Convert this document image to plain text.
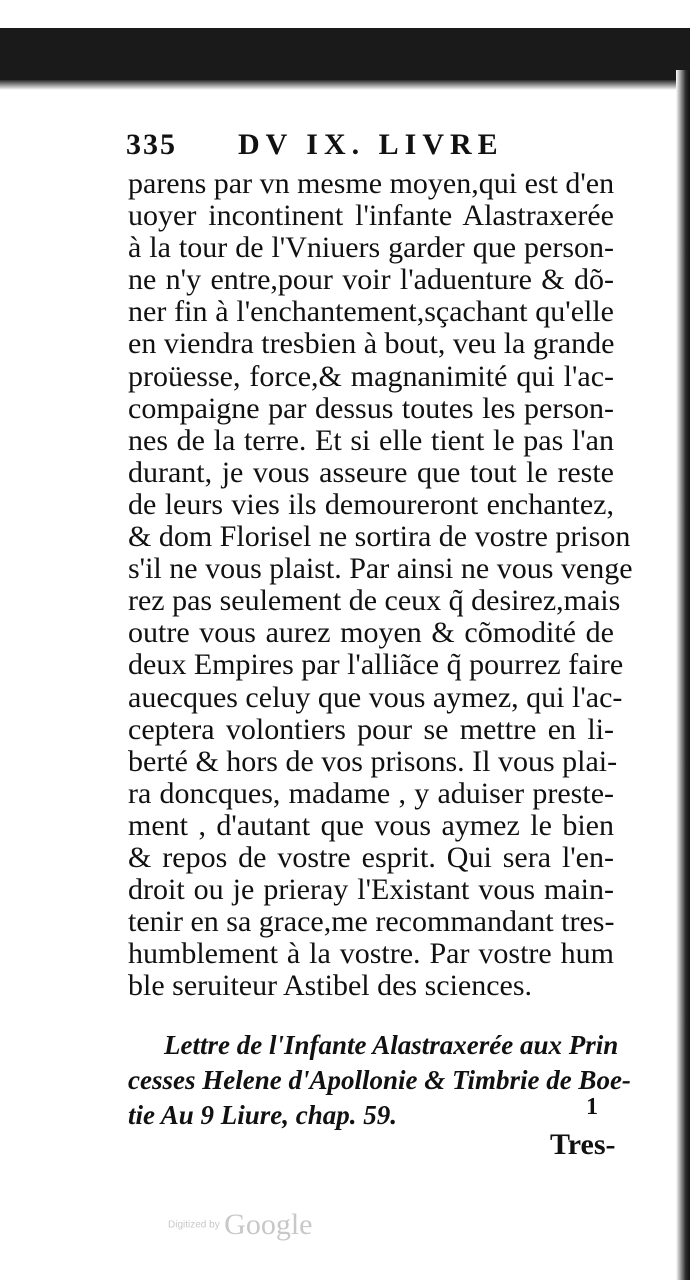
335 DV IX. LIVRE
parens par vn mesme moyen,qui est d'en
uoyer incontinent l'infante Alastraxerée
à la tour de l'Vniuers garder que person-
ne n'y entre,pour voir l'aduenture & dõ-
ner fin à l'enchantement,sçachant qu'elle
en viendra tresbien à bout, veu la grande
proüesse, force,& magnanimité qui l'ac-
compaigne par dessus toutes les person-
nes de la terre. Et si elle tient le pas l'an
durant, je vous asseure que tout le reste
de leurs vies ils demoureront enchantez,
& dom Florisel ne sortira de vostre prison
s'il ne vous plaist. Par ainsi ne vous venge
rez pas seulement de ceux q̃ desirez,mais
outre vous aurez moyen & cõmodité de
deux Empires par l'alliãce q̃ pourrez faire
auecques celuy que vous aymez, qui l'ac-
ceptera volontiers pour se mettre en li-
berté & hors de vos prisons. Il vous plai-
ra doncques, madame , y aduiser preste-
ment , d'autant que vous aymez le bien
& repos de vostre esprit. Qui sera l'en-
droit ou je prieray l'Existant vous main-
tenir en sa grace,me recommandant tres-
humblement à la vostre. Par vostre hum
ble seruiteur Astibel des sciences.
Lettre de l'Infante Alastraxerée aux Prin
cesses Helene d'Apollonie & Timbrie de Boe-
tie Au 9 Liure, chap. 59.	1
Tres-
Digitized by Google
